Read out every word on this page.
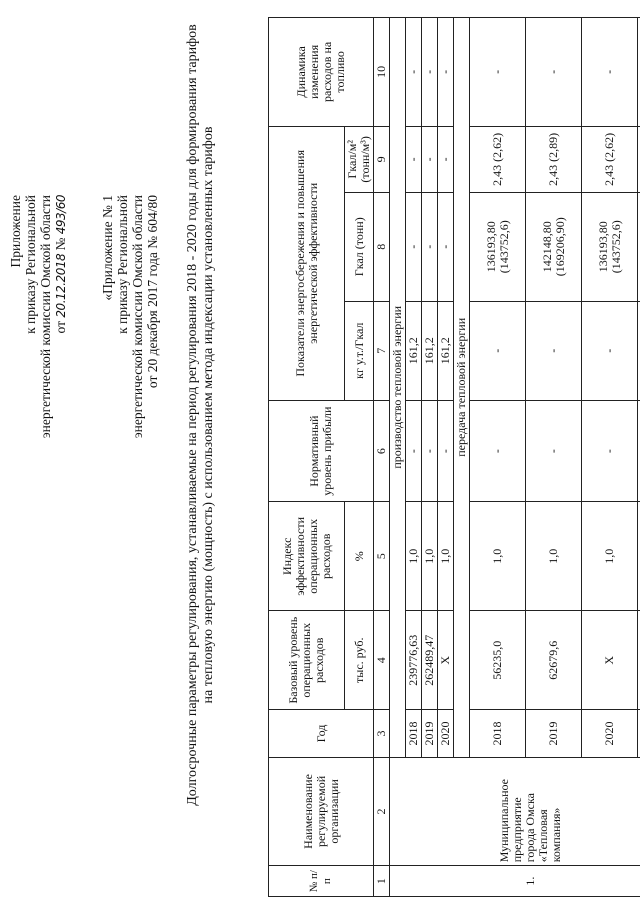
Приложение к приказу Региональной энергетической комиссии Омской области от 20.12.2018 № 493/60 «Приложение № 1 к приказу Региональной энергетической комиссии Омской области от 20 декабря 2017 года № 604/80 Долгосрочные параметры регулирования, устанавливаемые на период регулирования 2018 - 2020 годы для формирования тарифов на тепловую энергию (мощность) с использованием метода индексации установленных тарифов
№ п/п	Наименование регулируемой организации	Год	Базовый уровень операционных расходов	Индекс эффективности операционных расходов	Нормативный уровень прибыли	Показатели энергосбережения и повышения энергетической эффективности			Динамика изменения расходов на топливо
			тыс. руб.	%		кг у.т./Гкал	Гкал (тонн)	Гкал/м² (тонн/м³)	

1	2	3	4	5	6	7	8	9	10
1.	Муниципальное предприятие города Омска «Тепловая компания»	производство тепловой энергии							
		2018	239776,63	1,0	-	161,2	-	-	-
		2019	262489,47	1,0	-	161,2	-	-	-
		2020	X	1,0	-	161,2	-	-	-
		передача тепловой энергии							
		2018	56235,0	1,0	-	-	136193,80 (143752,6)	2,43 (2,62)	-
		2019	62679,6	1,0	-	-	142148,80 (169206,90)	2,43 (2,89)	-
		2020	X	1,0	-	-	136193,80 (143752,6)	2,43 (2,62)	-
